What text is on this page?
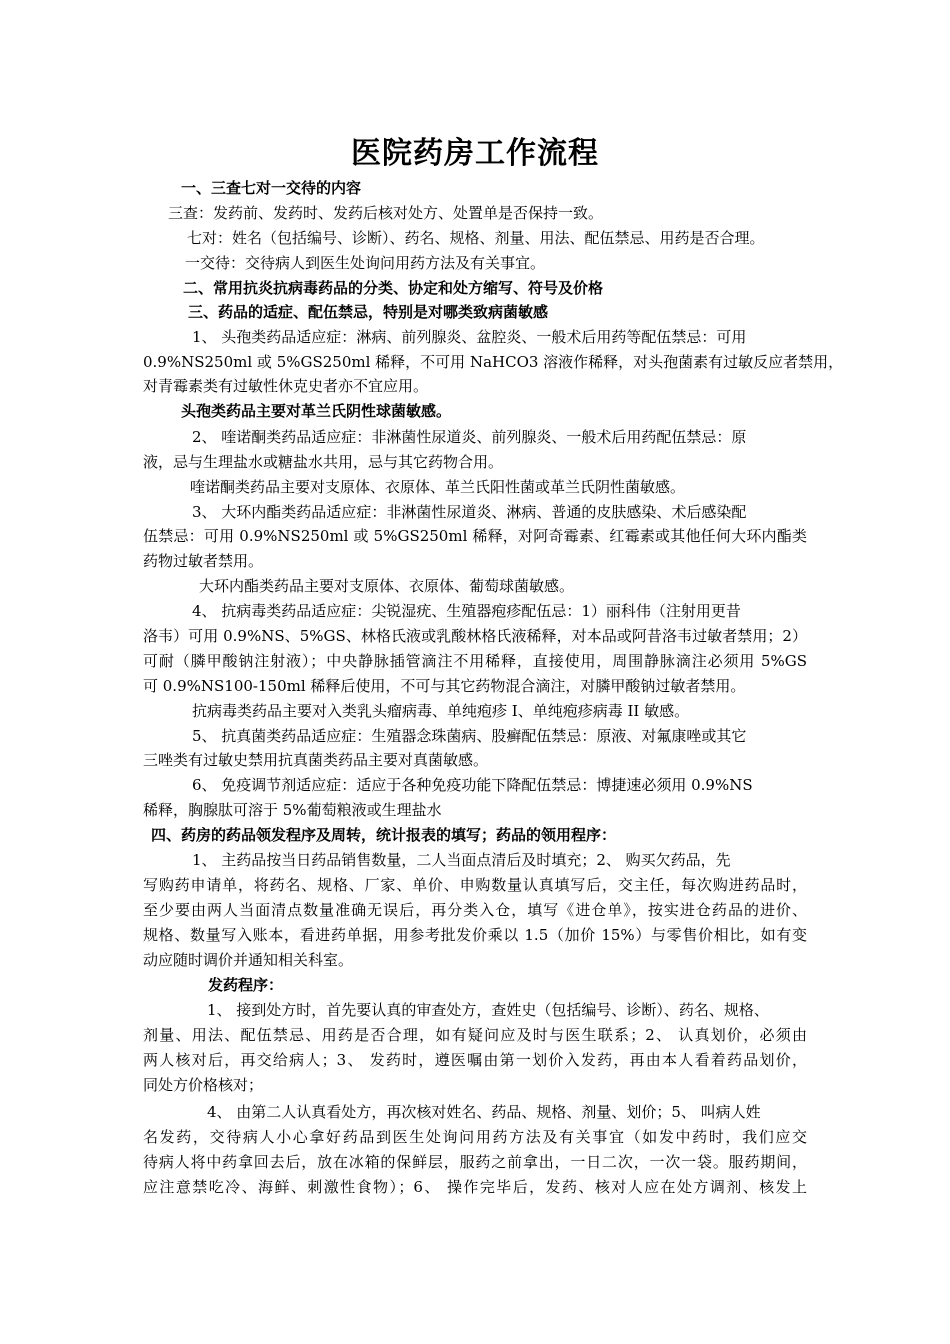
医院药房工作流程
一、三查七对一交待的内容
三查：发药前、发药时、发药后核对处方、处置单是否保持一致。
七对：姓名（包括编号、诊断）、药名、规格、剂量、用法、配伍禁忌、用药是否合理。
一交待：交待病人到医生处询问用药方法及有关事宜。
二、常用抗炎抗病毒药品的分类、协定和处方缩写、符号及价格
三、药品的适症、配伍禁忌，特别是对哪类致病菌敏感
1、 头孢类药品适应症：淋病、前列腺炎、盆腔炎、一般术后用药等配伍禁忌：可用
0.9%NS250ml 或 5%GS250ml 稀释，不可用 NaHCO3 溶液作稀释，对头孢菌素有过敏反应者禁用，
对青霉素类有过敏性休克史者亦不宜应用。
头孢类药品主要对革兰氏阴性球菌敏感。
2、 喹诺酮类药品适应症：非淋菌性尿道炎、前列腺炎、一般术后用药配伍禁忌：原
液，忌与生理盐水或糖盐水共用，忌与其它药物合用。
喹诺酮类药品主要对支原体、衣原体、革兰氏阳性菌或革兰氏阴性菌敏感。
3、 大环内酯类药品适应症：非淋菌性尿道炎、淋病、普通的皮肤感染、术后感染配
伍禁忌：可用 0.9%NS250ml 或 5%GS250ml 稀释，对阿奇霉素、红霉素或其他任何大环内酯类
药物过敏者禁用。
大环内酯类药品主要对支原体、衣原体、葡萄球菌敏感。
4、 抗病毒类药品适应症：尖锐湿疣、生殖器疱疹配伍忌：1）丽科伟（注射用更昔
洛韦）可用 0.9%NS、5%GS、林格氏液或乳酸林格氏液稀释，对本品或阿昔洛韦过敏者禁用；2）
可耐（膦甲酸钠注射液）；中央静脉插管滴注不用稀释，直接使用，周围静脉滴注必须用 5%GS
可 0.9%NS100-150ml 稀释后使用，不可与其它药物混合滴注，对膦甲酸钠过敏者禁用。
抗病毒类药品主要对入类乳头瘤病毒、单纯疱疹 I、单纯疱疹病毒 II 敏感。
5、 抗真菌类药品适应症：生殖器念珠菌病、股癣配伍禁忌：原液、对氟康唑或其它
三唑类有过敏史禁用抗真菌类药品主要对真菌敏感。
6、 免疫调节剂适应症：适应于各种免疫功能下降配伍禁忌：博捷速必须用 0.9%NS
稀释，胸腺肽可溶于 5%葡萄粮液或生理盐水
四、药房的药品领发程序及周转，统计报表的填写；药品的领用程序：
1、 主药品按当日药品销售数量，二人当面点清后及时填充；2、 购买欠药品，先
写购药申请单，将药名、规格、厂家、单价、申购数量认真填写后，交主任，每次购进药品时，
至少要由两人当面清点数量准确无误后，再分类入仓，填写《进仓单》，按实进仓药品的进价、
规格、数量写入账本，看进药单据，用参考批发价乘以 1.5（加价 15%）与零售价相比，如有变
动应随时调价并通知相关科室。
发药程序：
1、 接到处方时，首先要认真的审查处方，查姓史（包括编号、诊断）、药名、规格、
剂量、用法、配伍禁忌、用药是否合理，如有疑问应及时与医生联系；2、 认真划价，必须由
两人核对后，再交给病人；3、 发药时，遵医嘱由第一划价入发药，再由本人看着药品划价，
同处方价格核对；
4、 由第二人认真看处方，再次核对姓名、药品、规格、剂量、划价；5、 叫病人姓
名发药，交待病人小心拿好药品到医生处询问用药方法及有关事宜（如发中药时，我们应交
待病人将中药拿回去后，放在冰箱的保鲜层，服药之前拿出，一日二次，一次一袋。服药期间，
应注意禁吃冷、海鲜、刺激性食物）；6、 操作完毕后，发药、核对人应在处方调剂、核发上
